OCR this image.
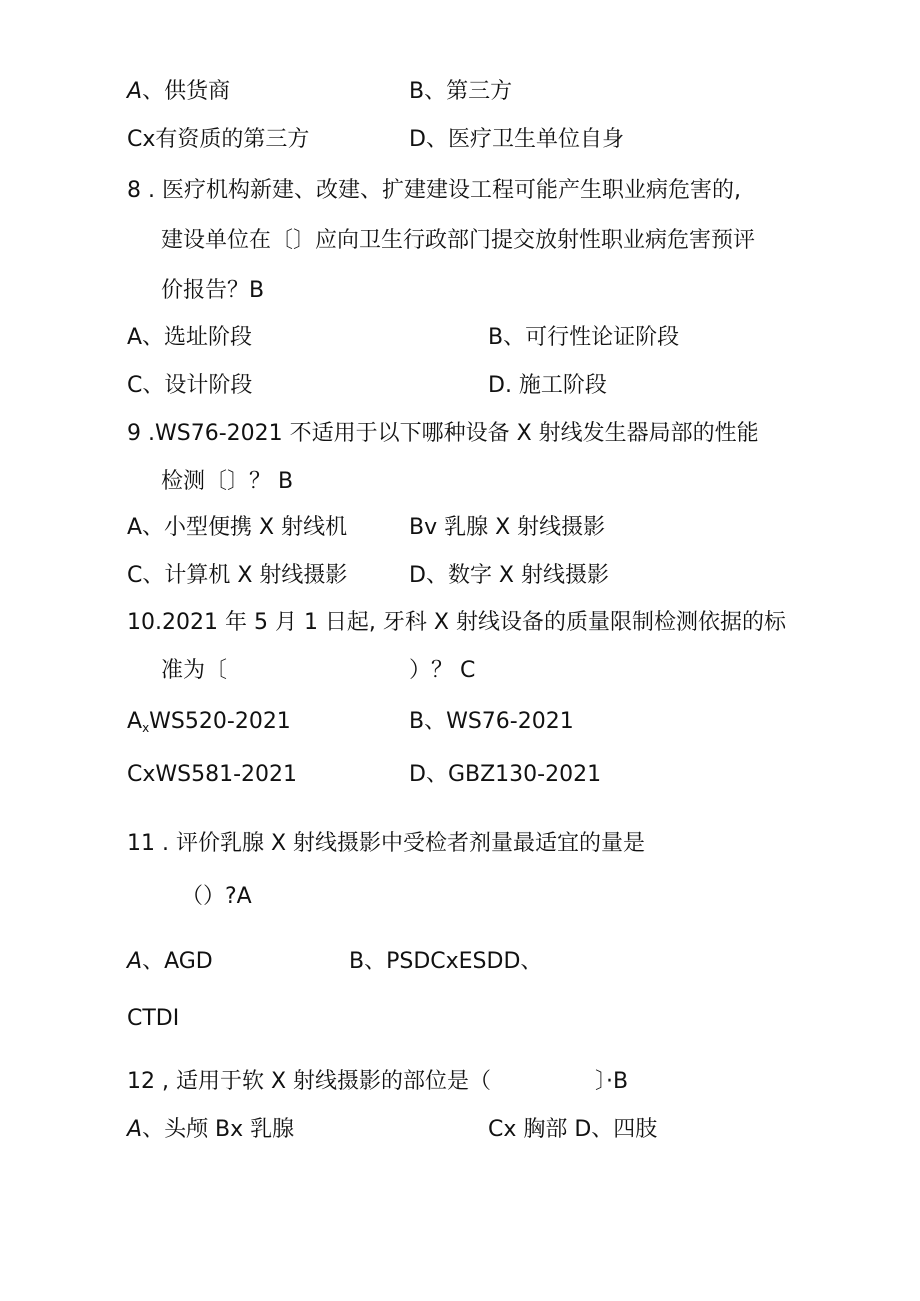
A、供货商	B、第三方
Cx有资质的第三方	D、医疗卫生单位自身
8 . 医疗机构新建、改建、扩建建设工程可能产生职业病危害的,
建设单位在〔〕应向卫生行政部门提交放射性职业病危害预评
价报告？B
A、选址阶段	B、可行性论证阶段
C、设计阶段	D. 施工阶段
9 .WS76-2021 不适用于以下哪种设备 X 射线发生器局部的性能
检测〔〕？ B
A、小型便携 X 射线机	Bv 乳腺 X 射线摄影
C、计算机 X 射线摄影	D、数字 X 射线摄影
10.2021 年 5 月 1 日起, 牙科 X 射线设备的质量限制检测依据的标
准为〔	）？ C
$A_xWS520-2021$	B、WS76-2021
CxWS581-2021	D、GBZ130-2021
11 . 评价乳腺 X 射线摄影中受检者剂量最适宜的量是
（）?A
A、AGD	B、PSDCxESDD、
CTDI
12 , 适用于软 X 射线摄影的部位是（	〕·B
A、头颅 Bx 乳腺	Cx 胸部 D、四肢
